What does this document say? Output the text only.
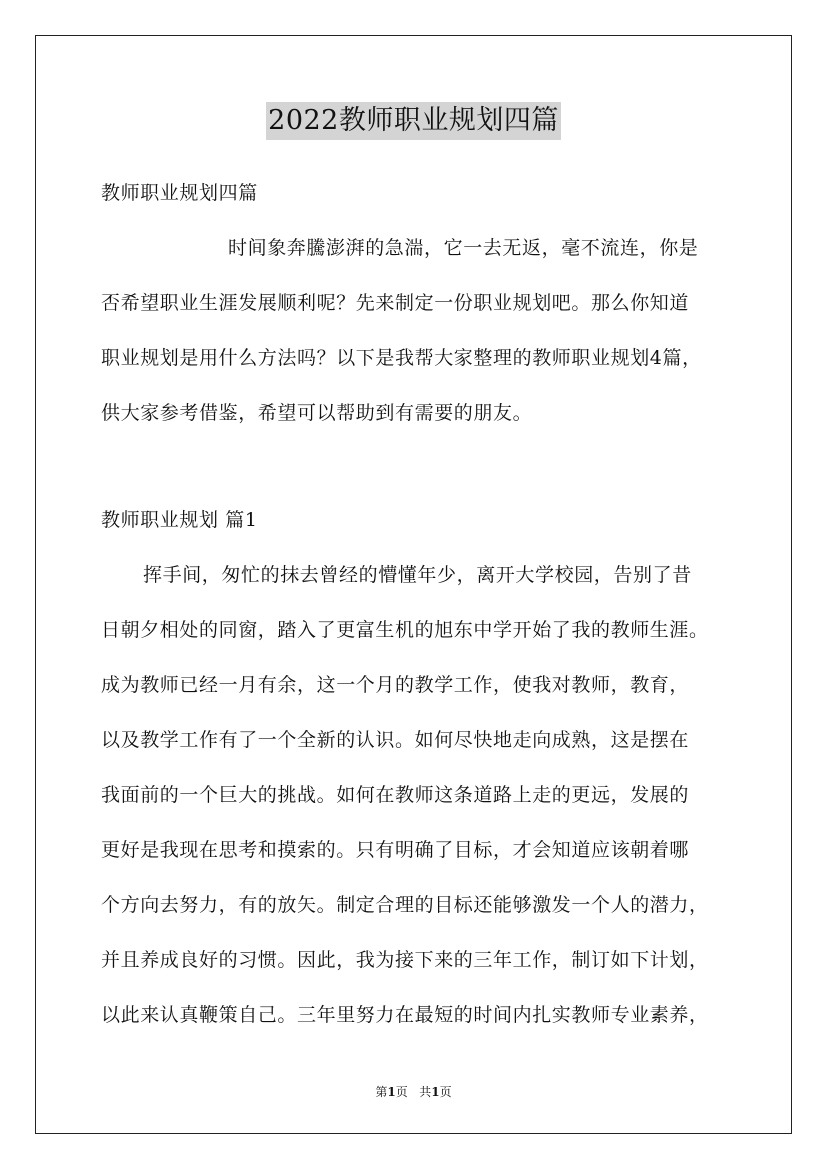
2022教师职业规划四篇
教师职业规划四篇
时间象奔騰澎湃的急湍，它一去无返，毫不流连，你是
否希望职业生涯发展顺利呢？先来制定一份职业规划吧。那么你知道
职业规划是用什么方法吗？以下是我帮大家整理的教师职业规划4篇，
供大家参考借鉴，希望可以帮助到有需要的朋友。
教师职业规划 篇1
挥手间，匆忙的抹去曾经的懵懂年少，离开大学校园，告别了昔
日朝夕相处的同窗，踏入了更富生机的旭东中学开始了我的教师生涯。
成为教师已经一月有余，这一个月的教学工作，使我对教师，教育，
以及教学工作有了一个全新的认识。如何尽快地走向成熟，这是摆在
我面前的一个巨大的挑战。如何在教师这条道路上走的更远，发展的
更好是我现在思考和摸索的。只有明确了目标，才会知道应该朝着哪
个方向去努力，有的放矢。制定合理的目标还能够激发一个人的潜力，
并且养成良好的习惯。因此，我为接下来的三年工作，制订如下计划，
以此来认真鞭策自己。三年里努力在最短的时间内扎实教师专业素养，
第1页 共1页
